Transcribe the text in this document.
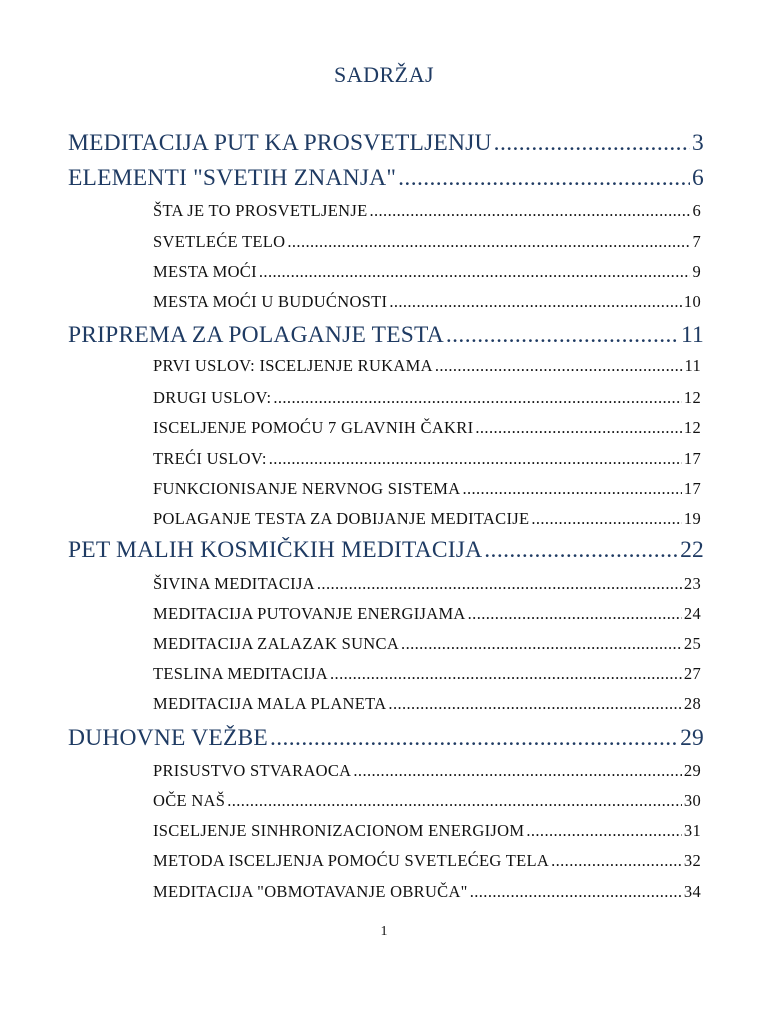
SADRŽAJ
MEDITACIJA PUT KA PROSVETLJENJU .....	3
ELEMENTI "SVETIH ZNANJA" .....	6
ŠTA JE TO PROSVETLJENJE .....	6
SVETLEĆE TELO .....	7
MESTA MOĆI .....	9
MESTA MOĆI U BUDUĆNOSTI .....	10
PRIPREMA ZA POLAGANJE TESTA .....	11
PRVI USLOV: ISCELJENJE RUKAMA .....	11
DRUGI USLOV: .....	12
ISCELJENJE POMOĆU 7 GLAVNIH ČAKRI .....	12
TREĆI USLOV: .....	17
FUNKCIONISANJE NERVNOG SISTEMA .....	17
POLAGANJE TESTA ZA DOBIJANJE MEDITACIJE .....	19
PET MALIH KOSMIČKIH MEDITACIJA .....	22
ŠIVINA MEDITACIJA .....	23
MEDITACIJA PUTOVANJE ENERGIJAMA .....	24
MEDITACIJA ZALAZAK SUNCA .....	25
TESLINA MEDITACIJA .....	27
MEDITACIJA MALA PLANETA .....	28
DUHOVNE VEŽBE .....	29
PRISUSTVO STVARAOCA .....	29
OČE NAŠ .....	30
ISCELJENJE SINHRONIZACIONOM ENERGIJOM .....	31
METODA ISCELJENJA POMOĆU SVETLEĆEG TELA .....	32
MEDITACIJA "OBMOTAVANJE OBRUČA" .....	34
1
